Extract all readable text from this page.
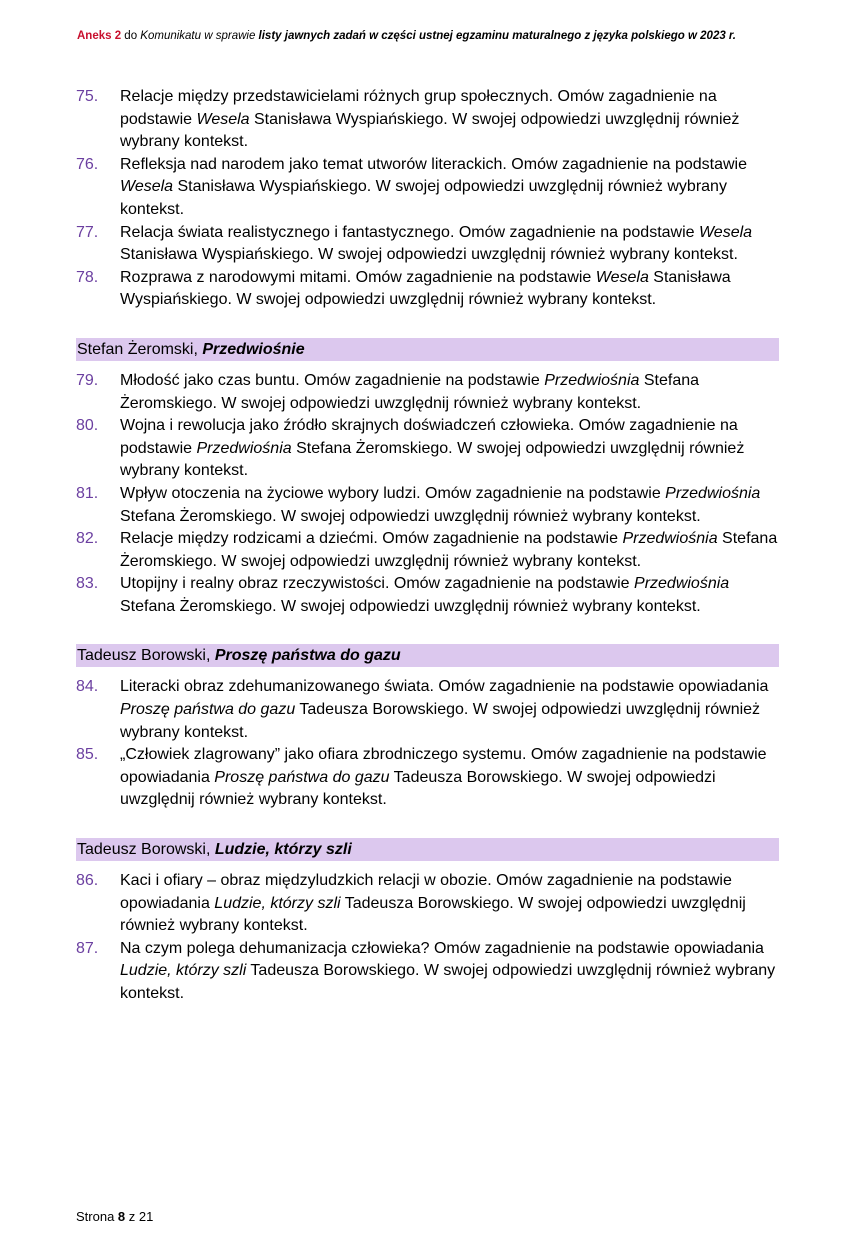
Aneks 2 do Komunikatu w sprawie listy jawnych zadań w części ustnej egzaminu maturalnego z języka polskiego w 2023 r.
75.	Relacje między przedstawicielami różnych grup społecznych. Omów zagadnienie na podstawie Wesela Stanisława Wyspiańskiego. W swojej odpowiedzi uwzględnij również wybrany kontekst.
76.	Refleksja nad narodem jako temat utworów literackich. Omów zagadnienie na podstawie Wesela Stanisława Wyspiańskiego. W swojej odpowiedzi uwzględnij również wybrany kontekst.
77.	Relacja świata realistycznego i fantastycznego. Omów zagadnienie na podstawie Wesela Stanisława Wyspiańskiego. W swojej odpowiedzi uwzględnij również wybrany kontekst.
78.	Rozprawa z narodowymi mitami. Omów zagadnienie na podstawie Wesela Stanisława Wyspiańskiego. W swojej odpowiedzi uwzględnij również wybrany kontekst.
Stefan Żeromski, Przedwiośnie
79.	Młodość jako czas buntu. Omów zagadnienie na podstawie Przedwiośnia Stefana Żeromskiego. W swojej odpowiedzi uwzględnij również wybrany kontekst.
80.	Wojna i rewolucja jako źródło skrajnych doświadczeń człowieka. Omów zagadnienie na podstawie Przedwiośnia Stefana Żeromskiego. W swojej odpowiedzi uwzględnij również wybrany kontekst.
81.	Wpływ otoczenia na życiowe wybory ludzi. Omów zagadnienie na podstawie Przedwiośnia Stefana Żeromskiego. W swojej odpowiedzi uwzględnij również wybrany kontekst.
82.	Relacje między rodzicami a dziećmi. Omów zagadnienie na podstawie Przedwiośnia Stefana Żeromskiego. W swojej odpowiedzi uwzględnij również wybrany kontekst.
83.	Utopijny i realny obraz rzeczywistości. Omów zagadnienie na podstawie Przedwiośnia Stefana Żeromskiego. W swojej odpowiedzi uwzględnij również wybrany kontekst.
Tadeusz Borowski, Proszę państwa do gazu
84.	Literacki obraz zdehumanizowanego świata. Omów zagadnienie na podstawie opowiadania Proszę państwa do gazu Tadeusza Borowskiego. W swojej odpowiedzi uwzględnij również wybrany kontekst.
85.	„Człowiek zlagrowany” jako ofiara zbrodniczego systemu. Omów zagadnienie na podstawie opowiadania Proszę państwa do gazu Tadeusza Borowskiego. W swojej odpowiedzi uwzględnij również wybrany kontekst.
Tadeusz Borowski, Ludzie, którzy szli
86.	Kaci i ofiary – obraz międzyludzkich relacji w obozie. Omów zagadnienie na podstawie opowiadania Ludzie, którzy szli Tadeusza Borowskiego. W swojej odpowiedzi uwzględnij również wybrany kontekst.
87.	Na czym polega dehumanizacja człowieka? Omów zagadnienie na podstawie opowiadania Ludzie, którzy szli Tadeusza Borowskiego. W swojej odpowiedzi uwzględnij również wybrany kontekst.
Strona 8 z 21
